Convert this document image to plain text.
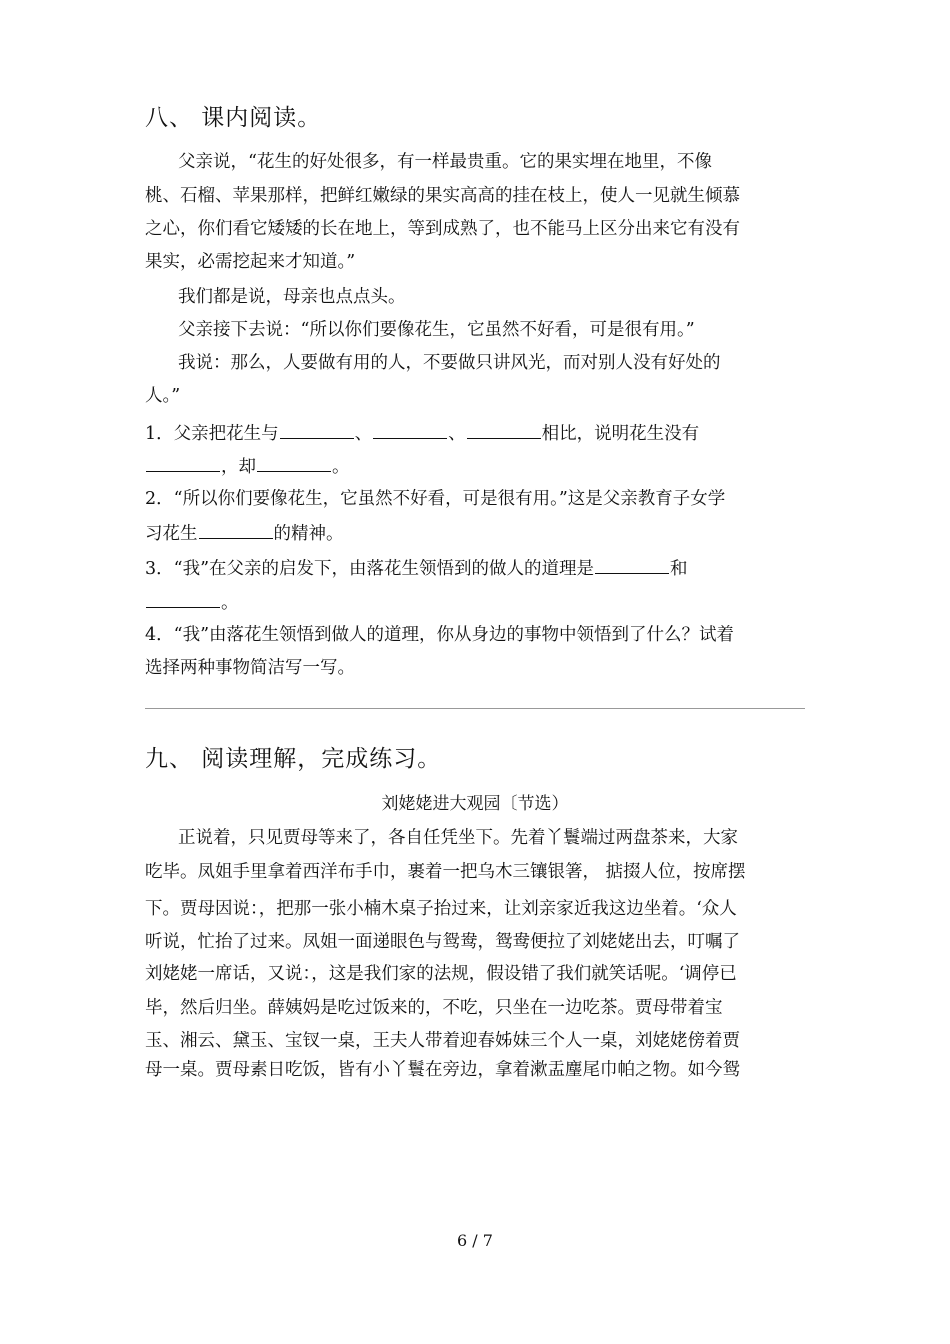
八、 课内阅读。
父亲说，“花生的好处很多，有一样最贵重。它的果实埋在地里，不像
桃、石榴、苹果那样，把鲜红嫩绿的果实高高的挂在枝上，使人一见就生倾慕
之心，你们看它矮矮的长在地上，等到成熟了，也不能马上区分出来它有没有
果实，必需挖起来才知道。”
我们都是说，母亲也点点头。
父亲接下去说：“所以你们要像花生，它虽然不好看，可是很有用。”
我说：那么，人要做有用的人，不要做只讲风光，而对别人没有好处的
人。”
1．父亲把花生与	、	、	相比，说明花生没有
，却	。
2．“所以你们要像花生，它虽然不好看，可是很有用。”这是父亲教育子女学
习花生	的精神。
3．“我”在父亲的启发下，由落花生领悟到的做人的道理是	和
。
4．“我”由落花生领悟到做人的道理，你从身边的事物中领悟到了什么？试着
选择两种事物简洁写一写。
九、 阅读理解，完成练习。
刘姥姥进大观园〔节选）
正说着，只见贾母等来了，各自任凭坐下。先着丫鬟端过两盘茶来，大家
吃毕。凤姐手里拿着西洋布手巾，裹着一把乌木三镶银箸， 掂掇人位，按席摆
下。贾母因说：，把那一张小楠木桌子抬过来，让刘亲家近我这边坐着。‘众人
听说，忙抬了过来。凤姐一面递眼色与鸳鸯，鸳鸯便拉了刘姥姥出去，叮嘱了
刘姥姥一席话，又说：，这是我们家的法规，假设错了我们就笑话呢。‘调停已
毕，然后归坐。薛姨妈是吃过饭来的，不吃，只坐在一边吃茶。贾母带着宝
玉、湘云、黛玉、宝钗一桌，王夫人带着迎春姊妹三个人一桌，刘姥姥傍着贾
母一桌。贾母素日吃饭，皆有小丫鬟在旁边，拿着漱盂麈尾巾帕之物。如今鸳
6 / 7
